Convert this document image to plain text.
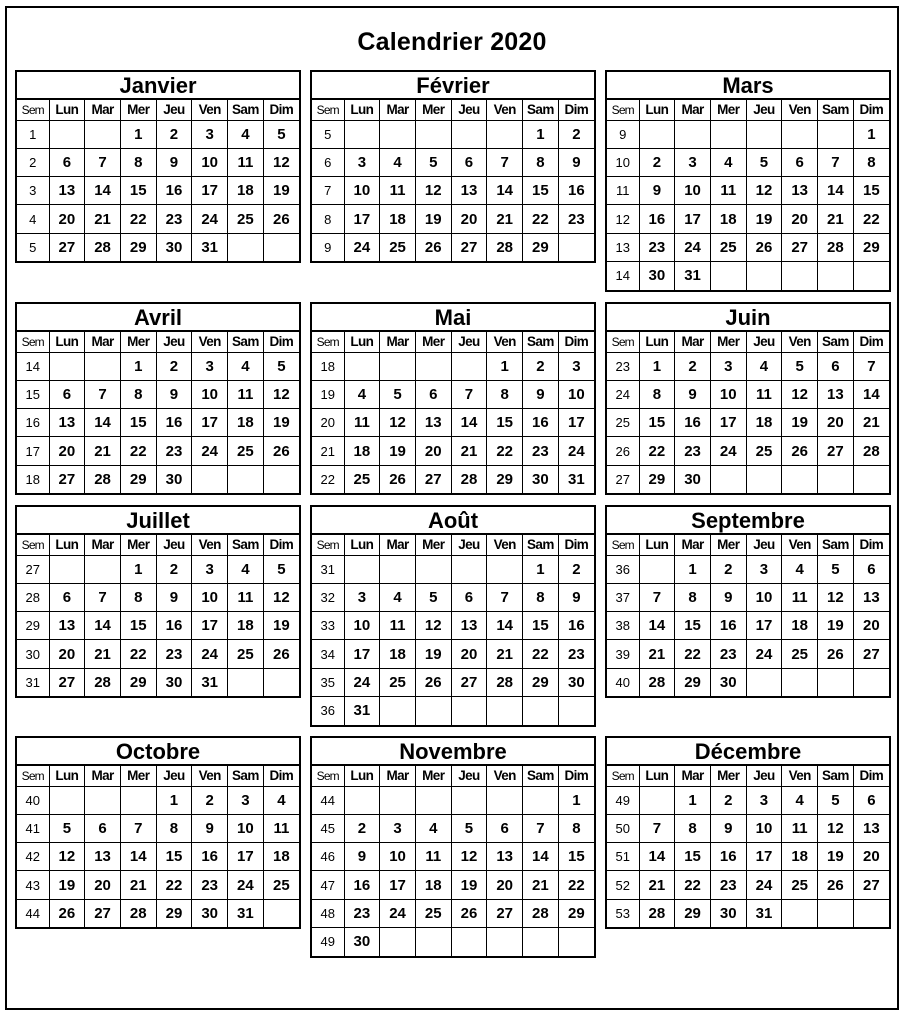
Calendrier 2020
Janvier
Sem	Lun	Mar	Mer	Jeu	Ven	Sam	Dim
1			1	2	3	4	5
2	6	7	8	9	10	11	12
3	13	14	15	16	17	18	19
4	20	21	22	23	24	25	26
5	27	28	29	30	31		
Février
Sem	Lun	Mar	Mer	Jeu	Ven	Sam	Dim
5						1	2
6	3	4	5	6	7	8	9
7	10	11	12	13	14	15	16
8	17	18	19	20	21	22	23
9	24	25	26	27	28	29	
Mars
Sem	Lun	Mar	Mer	Jeu	Ven	Sam	Dim
9							1
10	2	3	4	5	6	7	8
11	9	10	11	12	13	14	15
12	16	17	18	19	20	21	22
13	23	24	25	26	27	28	29
14	30	31					
Avril
Sem	Lun	Mar	Mer	Jeu	Ven	Sam	Dim
14			1	2	3	4	5
15	6	7	8	9	10	11	12
16	13	14	15	16	17	18	19
17	20	21	22	23	24	25	26
18	27	28	29	30			
Mai
Sem	Lun	Mar	Mer	Jeu	Ven	Sam	Dim
18					1	2	3
19	4	5	6	7	8	9	10
20	11	12	13	14	15	16	17
21	18	19	20	21	22	23	24
22	25	26	27	28	29	30	31
Juin
Sem	Lun	Mar	Mer	Jeu	Ven	Sam	Dim
23	1	2	3	4	5	6	7
24	8	9	10	11	12	13	14
25	15	16	17	18	19	20	21
26	22	23	24	25	26	27	28
27	29	30					
Juillet
Sem	Lun	Mar	Mer	Jeu	Ven	Sam	Dim
27			1	2	3	4	5
28	6	7	8	9	10	11	12
29	13	14	15	16	17	18	19
30	20	21	22	23	24	25	26
31	27	28	29	30	31		
Août
Sem	Lun	Mar	Mer	Jeu	Ven	Sam	Dim
31						1	2
32	3	4	5	6	7	8	9
33	10	11	12	13	14	15	16
34	17	18	19	20	21	22	23
35	24	25	26	27	28	29	30
36	31						
Septembre
Sem	Lun	Mar	Mer	Jeu	Ven	Sam	Dim
36		1	2	3	4	5	6
37	7	8	9	10	11	12	13
38	14	15	16	17	18	19	20
39	21	22	23	24	25	26	27
40	28	29	30				
Octobre
Sem	Lun	Mar	Mer	Jeu	Ven	Sam	Dim
40				1	2	3	4
41	5	6	7	8	9	10	11
42	12	13	14	15	16	17	18
43	19	20	21	22	23	24	25
44	26	27	28	29	30	31	
Novembre
Sem	Lun	Mar	Mer	Jeu	Ven	Sam	Dim
44							1
45	2	3	4	5	6	7	8
46	9	10	11	12	13	14	15
47	16	17	18	19	20	21	22
48	23	24	25	26	27	28	29
49	30						
Décembre
Sem	Lun	Mar	Mer	Jeu	Ven	Sam	Dim
49		1	2	3	4	5	6
50	7	8	9	10	11	12	13
51	14	15	16	17	18	19	20
52	21	22	23	24	25	26	27
53	28	29	30	31			
